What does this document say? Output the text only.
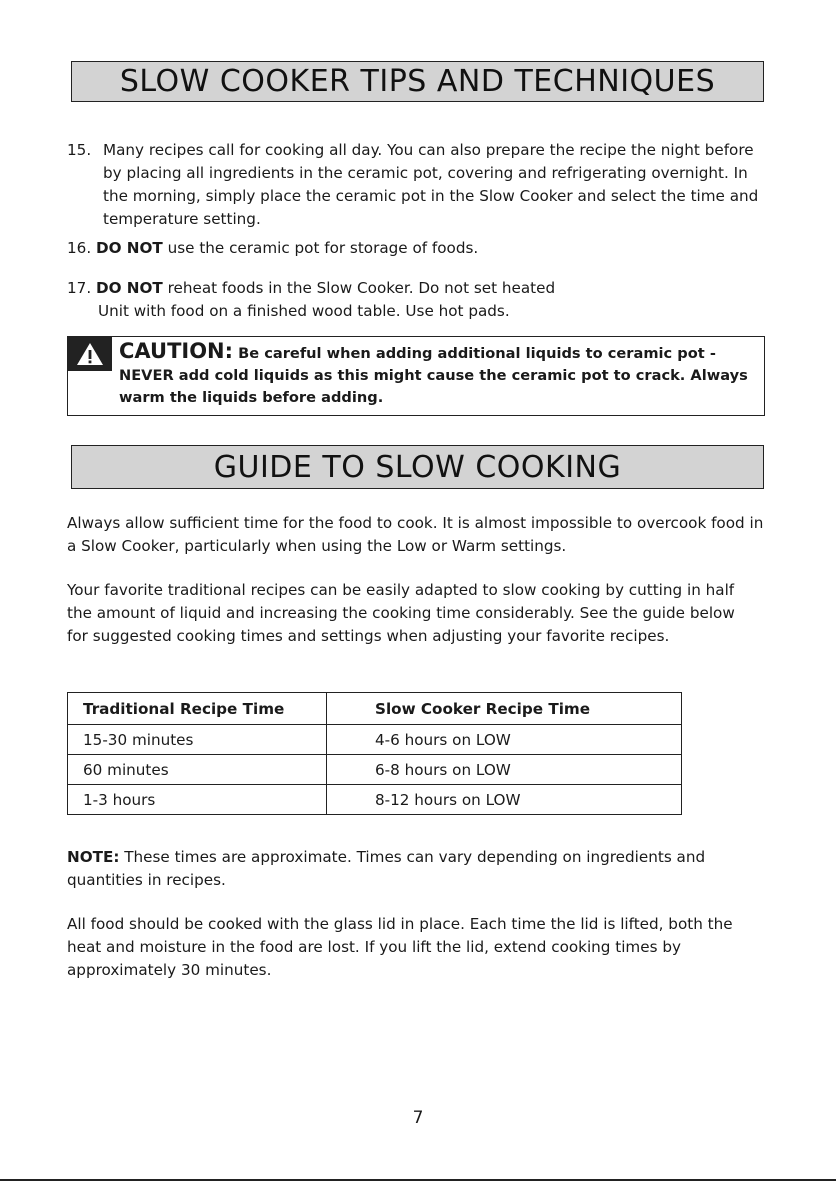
SLOW COOKER TIPS AND TECHNIQUES
15. Many recipes call for cooking all day. You can also prepare the recipe the night before by placing all ingredients in the ceramic pot, covering and refrigerating overnight. In the morning, simply place the ceramic pot in the Slow Cooker and select the time and temperature setting.
16. DO NOT use the ceramic pot for storage of foods.
17. DO NOT reheat foods in the Slow Cooker. Do not set heated
Unit with food on a finished wood table. Use hot pads.
CAUTION: Be careful when adding additional liquids to ceramic pot - NEVER add cold liquids as this might cause the ceramic pot to crack. Always warm the liquids before adding.
GUIDE TO SLOW COOKING
Always allow sufficient time for the food to cook. It is almost impossible to overcook food in a Slow Cooker, particularly when using the Low or Warm settings.
Your favorite traditional recipes can be easily adapted to slow cooking by cutting in half the amount of liquid and increasing the cooking time considerably. See the guide below for suggested cooking times and settings when adjusting your favorite recipes.
Traditional Recipe Time	Slow Cooker Recipe Time
15-30 minutes	4-6 hours on LOW
60 minutes	6-8 hours on LOW
1-3 hours	8-12 hours on LOW
NOTE: These times are approximate. Times can vary depending on ingredients and quantities in recipes.
All food should be cooked with the glass lid in place. Each time the lid is lifted, both the heat and moisture in the food are lost. If you lift the lid, extend cooking times by approximately 30 minutes.
7
